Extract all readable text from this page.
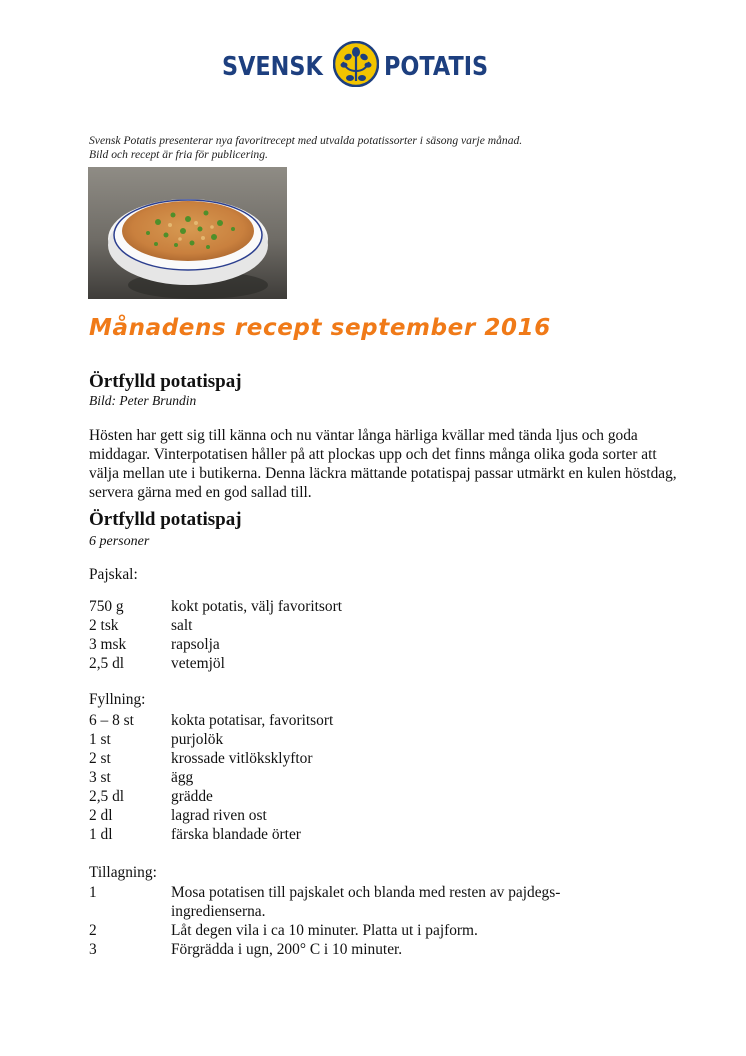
SVENSK POTATIS
Svensk Potatis presenterar nya favoritrecept med utvalda potatissorter i säsong varje månad.
Bild och recept är fria för publicering.
Månadens recept september 2016
Örtfylld potatispaj
Bild: Peter Brundin
Hösten har gett sig till känna och nu väntar långa härliga kvällar med tända ljus och goda middagar. Vinterpotatisen håller på att plockas upp och det finns många olika goda sorter att välja mellan ute i butikerna. Denna läckra mättande potatispaj passar utmärkt en kulen höstdag, servera gärna med en god sallad till.
Örtfylld potatispaj
6 personer
Pajskal:
750 g	kokt potatis, välj favoritsort
2 tsk	salt
3 msk	rapsolja
2,5 dl	vetemjöl
Fyllning:
6 – 8 st	kokta potatisar, favoritsort
1 st	purjolök
2 st	krossade vitlöksklyftor
3 st	ägg
2,5 dl	grädde
2 dl	lagrad riven ost
1 dl	färska blandade örter
Tillagning:
1	Mosa potatisen till pajskalet och blanda med resten av pajdegs-ingredienserna.
2	Låt degen vila i ca 10 minuter. Platta ut i pajform.
3	Förgrädda i ugn, 200° C i 10 minuter.
